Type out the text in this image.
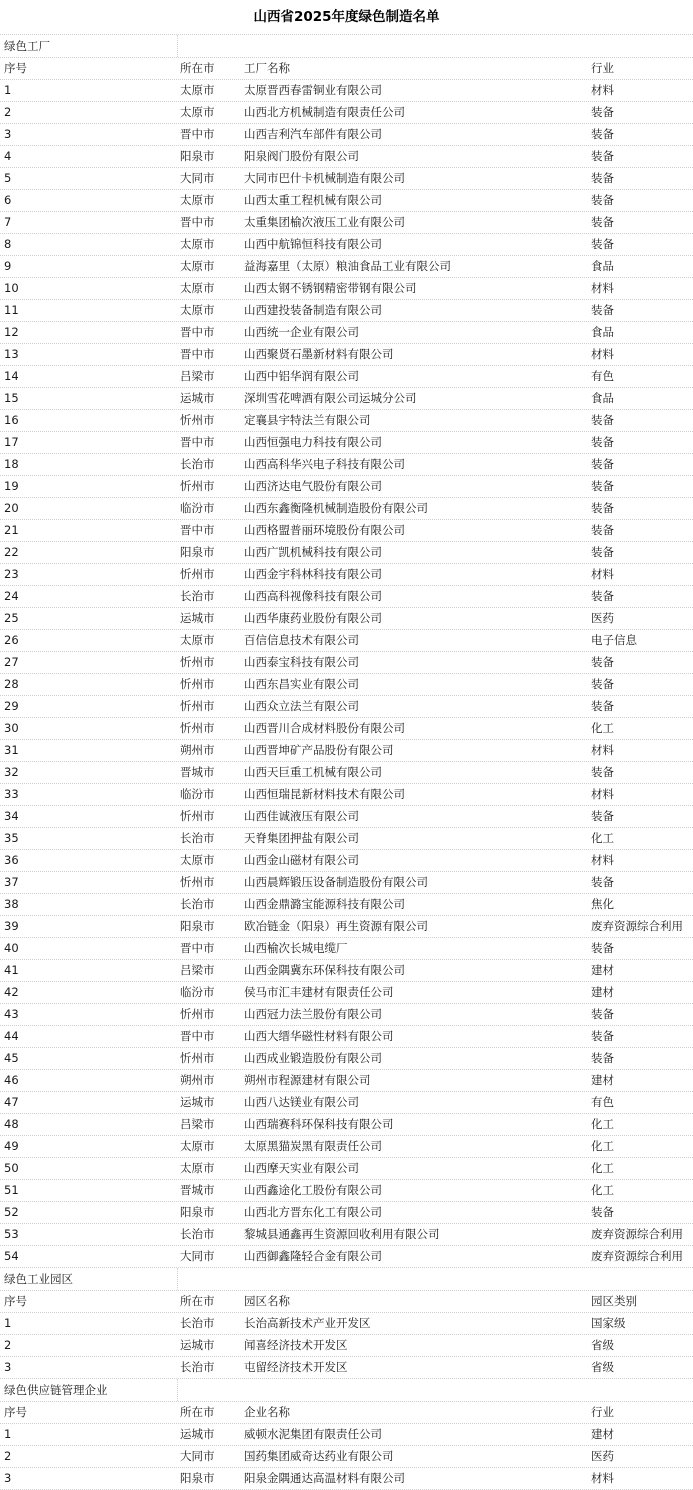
山西省2025年度绿色制造名单
绿色工厂
序号	所在市	工厂名称	行业
1	太原市	太原晋西春雷铜业有限公司	材料
2	太原市	山西北方机械制造有限责任公司	装备
3	晋中市	山西吉利汽车部件有限公司	装备
4	阳泉市	阳泉阀门股份有限公司	装备
5	大同市	大同市巴什卡机械制造有限公司	装备
6	太原市	山西太重工程机械有限公司	装备
7	晋中市	太重集团榆次液压工业有限公司	装备
8	太原市	山西中航锦恒科技有限公司	装备
9	太原市	益海嘉里（太原）粮油食品工业有限公司	食品
10	太原市	山西太钢不锈钢精密带钢有限公司	材料
11	太原市	山西建投装备制造有限公司	装备
12	晋中市	山西统一企业有限公司	食品
13	晋中市	山西聚贤石墨新材料有限公司	材料
14	吕梁市	山西中铝华润有限公司	有色
15	运城市	深圳雪花啤酒有限公司运城分公司	食品
16	忻州市	定襄县宇特法兰有限公司	装备
17	晋中市	山西恒强电力科技有限公司	装备
18	长治市	山西高科华兴电子科技有限公司	装备
19	忻州市	山西济达电气股份有限公司	装备
20	临汾市	山西东鑫衡隆机械制造股份有限公司	装备
21	晋中市	山西格盟普丽环境股份有限公司	装备
22	阳泉市	山西广凯机械科技有限公司	装备
23	忻州市	山西金宇科林科技有限公司	材料
24	长治市	山西高科视像科技有限公司	装备
25	运城市	山西华康药业股份有限公司	医药
26	太原市	百信信息技术有限公司	电子信息
27	忻州市	山西泰宝科技有限公司	装备
28	忻州市	山西东昌实业有限公司	装备
29	忻州市	山西众立法兰有限公司	装备
30	忻州市	山西晋川合成材料股份有限公司	化工
31	朔州市	山西晋坤矿产品股份有限公司	材料
32	晋城市	山西天巨重工机械有限公司	装备
33	临汾市	山西恒瑞昆新材料技术有限公司	材料
34	忻州市	山西佳诚液压有限公司	装备
35	长治市	天脊集团押盐有限公司	化工
36	太原市	山西金山磁材有限公司	材料
37	忻州市	山西晨辉锻压设备制造股份有限公司	装备
38	长治市	山西金鼎潞宝能源科技有限公司	焦化
39	阳泉市	欧冶链金（阳泉）再生资源有限公司	废弃资源综合利用
40	晋中市	山西榆次长城电缆厂	装备
41	吕梁市	山西金隅冀东环保科技有限公司	建材
42	临汾市	侯马市汇丰建材有限责任公司	建材
43	忻州市	山西冠力法兰股份有限公司	装备
44	晋中市	山西大缙华磁性材料有限公司	装备
45	忻州市	山西成业锻造股份有限公司	装备
46	朔州市	朔州市程源建材有限公司	建材
47	运城市	山西八达镁业有限公司	有色
48	吕梁市	山西瑞赛科环保科技有限公司	化工
49	太原市	太原黑猫炭黑有限责任公司	化工
50	太原市	山西摩天实业有限公司	化工
51	晋城市	山西鑫途化工股份有限公司	化工
52	阳泉市	山西北方晋东化工有限公司	装备
53	长治市	黎城县通鑫再生资源回收利用有限公司	废弃资源综合利用
54	大同市	山西御鑫隆轻合金有限公司	废弃资源综合利用
绿色工业园区
序号	所在市	园区名称	园区类别
1	长治市	长治高新技术产业开发区	国家级
2	运城市	闻喜经济技术开发区	省级
3	长治市	屯留经济技术开发区	省级
绿色供应链管理企业
序号	所在市	企业名称	行业
1	运城市	威顿水泥集团有限责任公司	建材
2	大同市	国药集团威奇达药业有限公司	医药
3	阳泉市	阳泉金隅通达高温材料有限公司	材料
